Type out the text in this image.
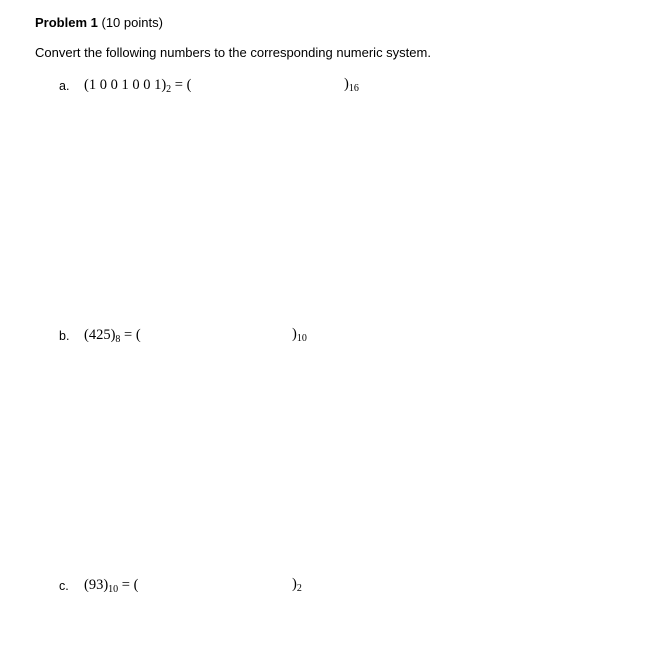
Problem 1 (10 points)
Convert the following numbers to the corresponding numeric system.
a. (1 0 0 1 0 0 $1)_2$ = (	)$_{16}$
b. $(425)_8$ = (	)$_{10}$
c. $(93)_{10}$ = (	)$_2$
